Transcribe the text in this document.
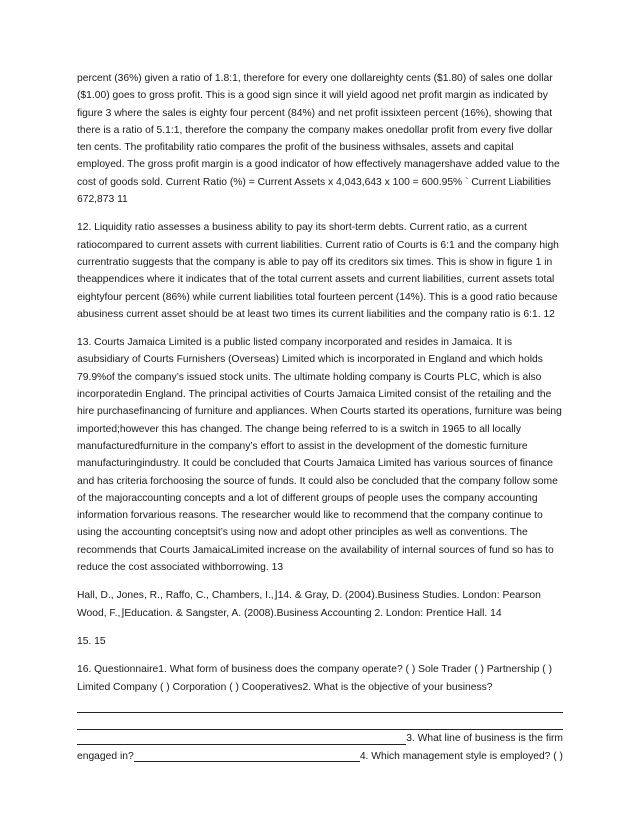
percent (36%) given a ratio of 1.8:1, therefore for every one dollareighty cents ($1.80) of sales one dollar ($1.00) goes to gross profit. This is a good sign since it will yield agood net profit margin as indicated by figure 3 where the sales is eighty four percent (84%) and net profit issixteen percent (16%), showing that there is a ratio of 5.1:1, therefore the company the company makes onedollar profit from every five dollar ten cents. The profitability ratio compares the profit of the business withsales, assets and capital employed. The gross profit margin is a good indicator of how effectively managershave added value to the cost of goods sold. Current Ratio (%) = Current Assets x 4,043,643 x 100 = 600.95% ` Current Liabilities 672,873 11

12. Liquidity ratio assesses a business ability to pay its short-term debts. Current ratio, as a current ratiocompared to current assets with current liabilities. Current ratio of Courts is 6:1 and the company high currentratio suggests that the company is able to pay off its creditors six times. This is show in figure 1 in theappendices where it indicates that of the total current assets and current liabilities, current assets total eightyfour percent (86%) while current liabilities total fourteen percent (14%). This is a good ratio because abusiness current asset should be at least two times its current liabilities and the company ratio is 6:1. 12

13. Courts Jamaica Limited is a public listed company incorporated and resides in Jamaica. It is asubsidiary of Courts Furnishers (Overseas) Limited which is incorporated in England and which holds 79.9%of the company’s issued stock units. The ultimate holding company is Courts PLC, which is also incorporatedin England. The principal activities of Courts Jamaica Limited consist of the retailing and the hire purchasefinancing of furniture and appliances. When Courts started its operations, furniture was being imported;however this has changed. The change being referred to is a switch in 1965 to all locally manufacturedfurniture in the company’s effort to assist in the development of the domestic furniture manufacturingindustry. It could be concluded that Courts Jamaica Limited has various sources of finance and has criteria forchoosing the source of funds. It could also be concluded that the company follow some of the majoraccounting concepts and a lot of different groups of people uses the company accounting information forvarious reasons. The researcher would like to recommend that the company continue to using the accounting conceptsit’s using now and adopt other principles as well as conventions. The recommends that Courts JamaicaLimited increase on the availability of internal sources of fund so has to reduce the cost associated withborrowing. 13

Hall, D., Jones, R., Raffo, C., Chambers, I.,⌋14. & Gray, D. (2004).Business Studies. London: Pearson Wood, F.,⌋Education. & Sangster, A. (2008).Business Accounting 2. London: Prentice Hall. 14

15. 15

16. Questionnaire1. What form of business does the company operate? ( ) Sole Trader ( ) Partnership ( ) Limited Company ( ) Corporation ( ) Cooperatives2. What is the objective of your business?

3. What line of business is the firm
engaged in?	4. Which management style is employed? ( )
